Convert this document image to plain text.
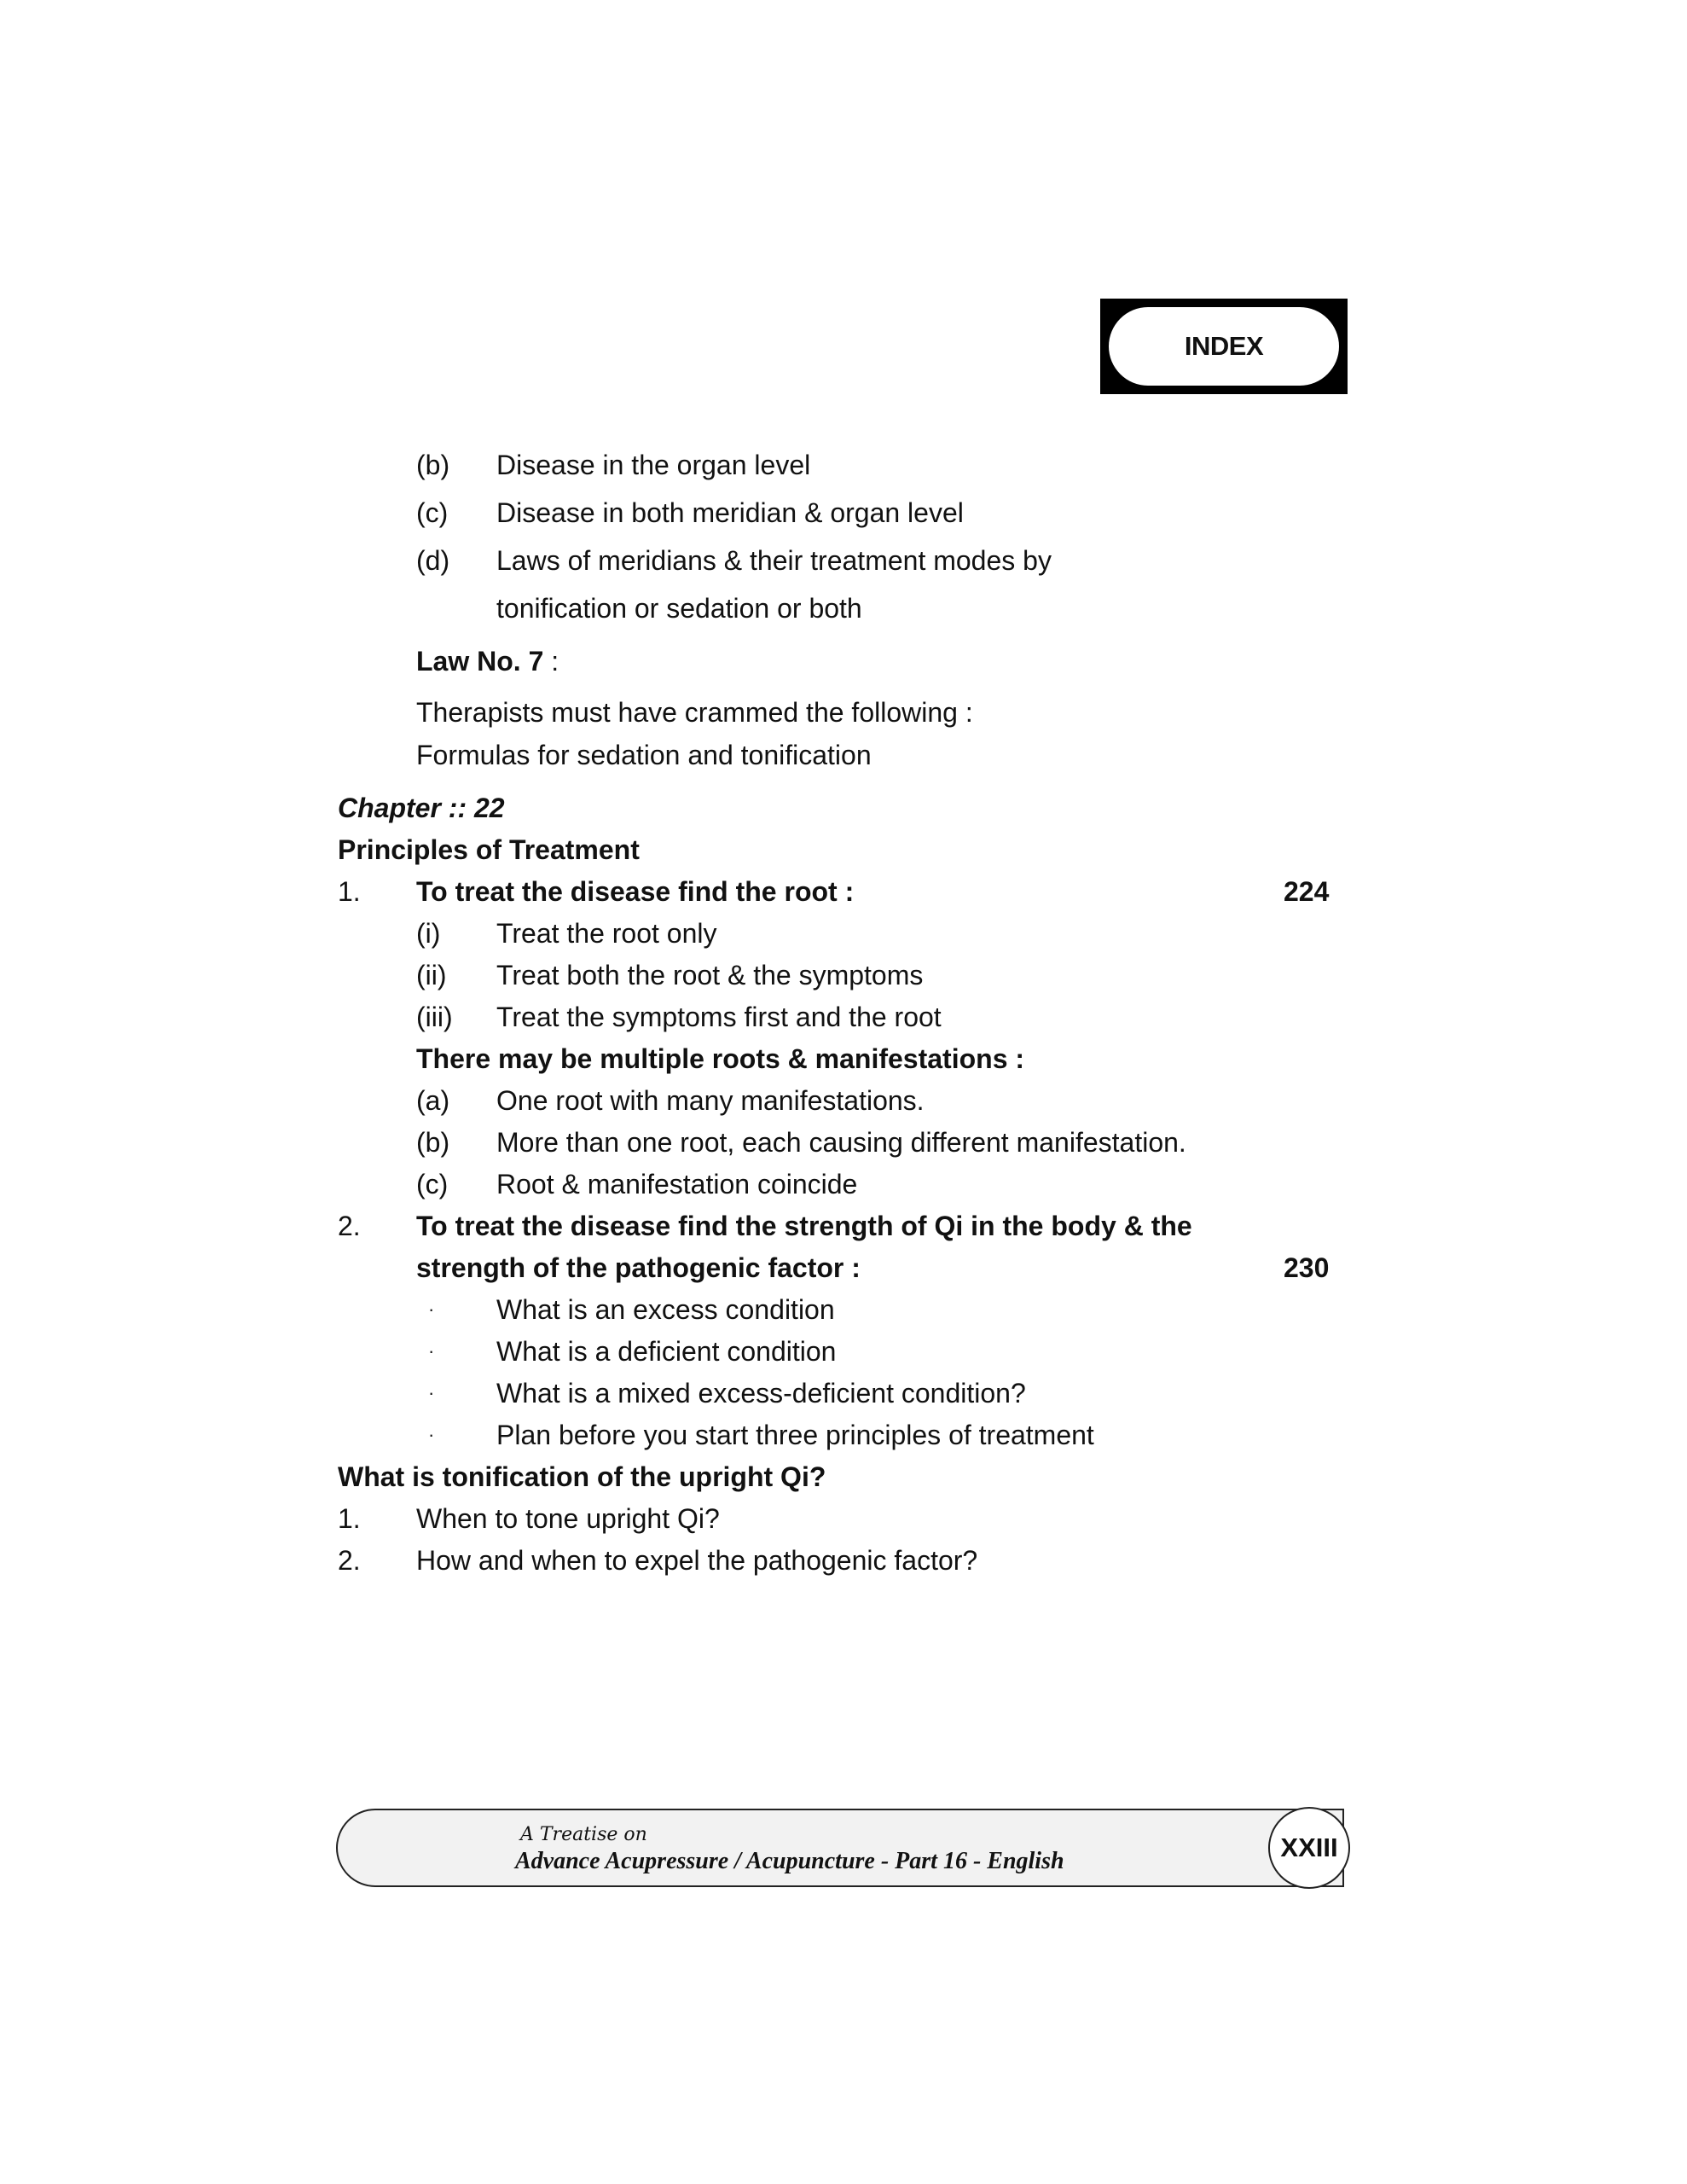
INDEX
(b) Disease in the organ level
(c) Disease in both meridian & organ level
(d) Laws of meridians & their treatment modes by
tonification or sedation or both
Law No. 7 :
Therapists must have crammed the following :
Formulas for sedation and tonification
Chapter :: 22
Principles of Treatment
1. To treat the disease find the root :	224
(i) Treat the root only
(ii) Treat both the root & the symptoms
(iii) Treat the symptoms first and the root
There may be multiple roots & manifestations :
(a) One root with many manifestations.
(b) More than one root, each causing different manifestation.
(c) Root & manifestation coincide
2. To treat the disease find the strength of Qi in the body & the
strength of the pathogenic factor :	230
· What is an excess condition
· What is a deficient condition
· What is a mixed excess-deficient condition?
· Plan before you start three principles of treatment
What is tonification of the upright Qi?
1. When to tone upright Qi?
2. How and when to expel the pathogenic factor?
A Treatise on
Advance Acupressure / Acupuncture - Part 16 - English	XXIII
